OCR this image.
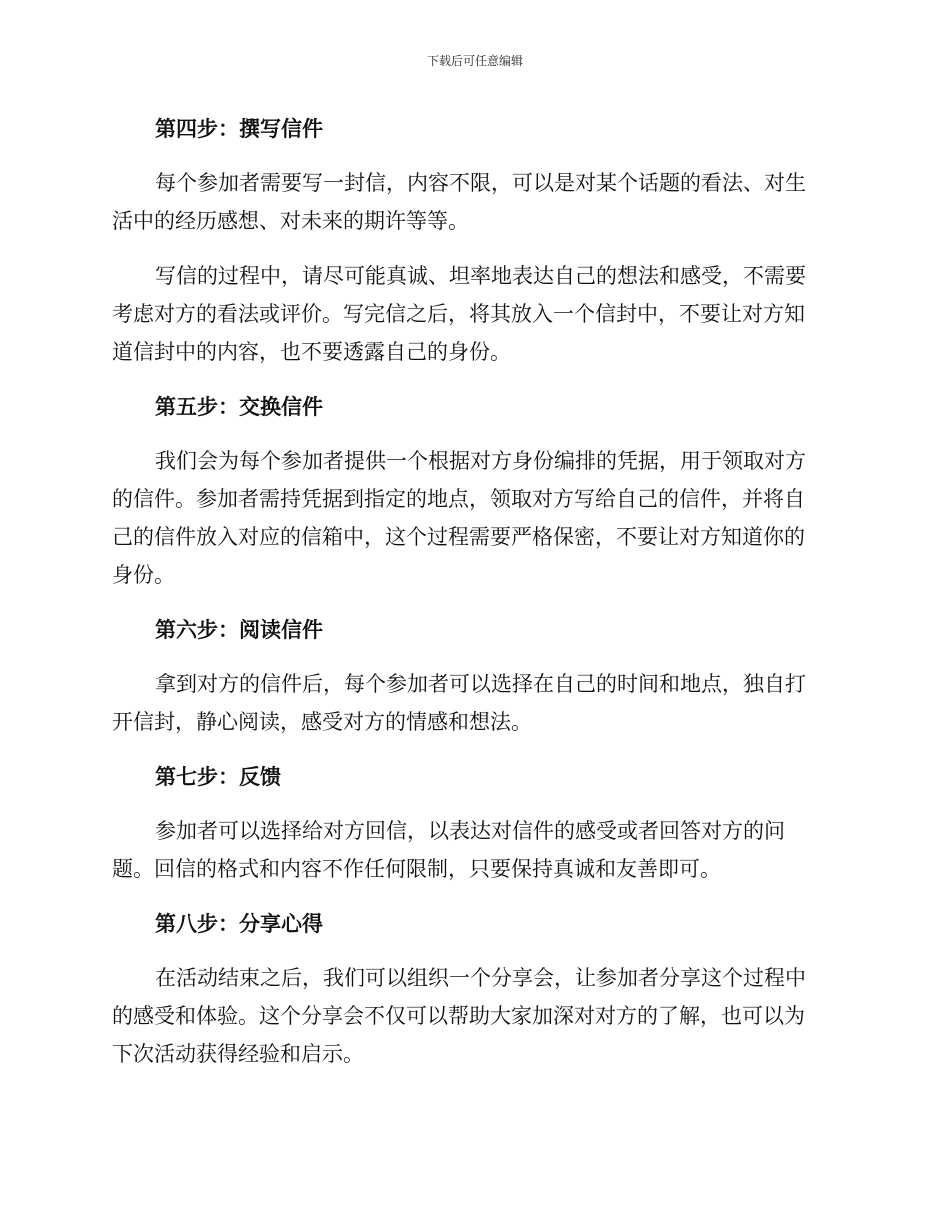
下载后可任意编辑
第四步：撰写信件

每个参加者需要写一封信，内容不限，可以是对某个话题的看法、对生
活中的经历感想、对未来的期许等等。

写信的过程中，请尽可能真诚、坦率地表达自己的想法和感受，不需要
考虑对方的看法或评价。写完信之后，将其放入一个信封中，不要让对方知
道信封中的内容，也不要透露自己的身份。

第五步：交换信件

我们会为每个参加者提供一个根据对方身份编排的凭据，用于领取对方
的信件。参加者需持凭据到指定的地点，领取对方写给自己的信件，并将自
己的信件放入对应的信箱中，这个过程需要严格保密，不要让对方知道你的
身份。

第六步：阅读信件

拿到对方的信件后，每个参加者可以选择在自己的时间和地点，独自打
开信封，静心阅读，感受对方的情感和想法。

第七步：反馈

参加者可以选择给对方回信，以表达对信件的感受或者回答对方的问
题。回信的格式和内容不作任何限制，只要保持真诚和友善即可。

第八步：分享心得

在活动结束之后，我们可以组织一个分享会，让参加者分享这个过程中
的感受和体验。这个分享会不仅可以帮助大家加深对对方的了解，也可以为
下次活动获得经验和启示。
